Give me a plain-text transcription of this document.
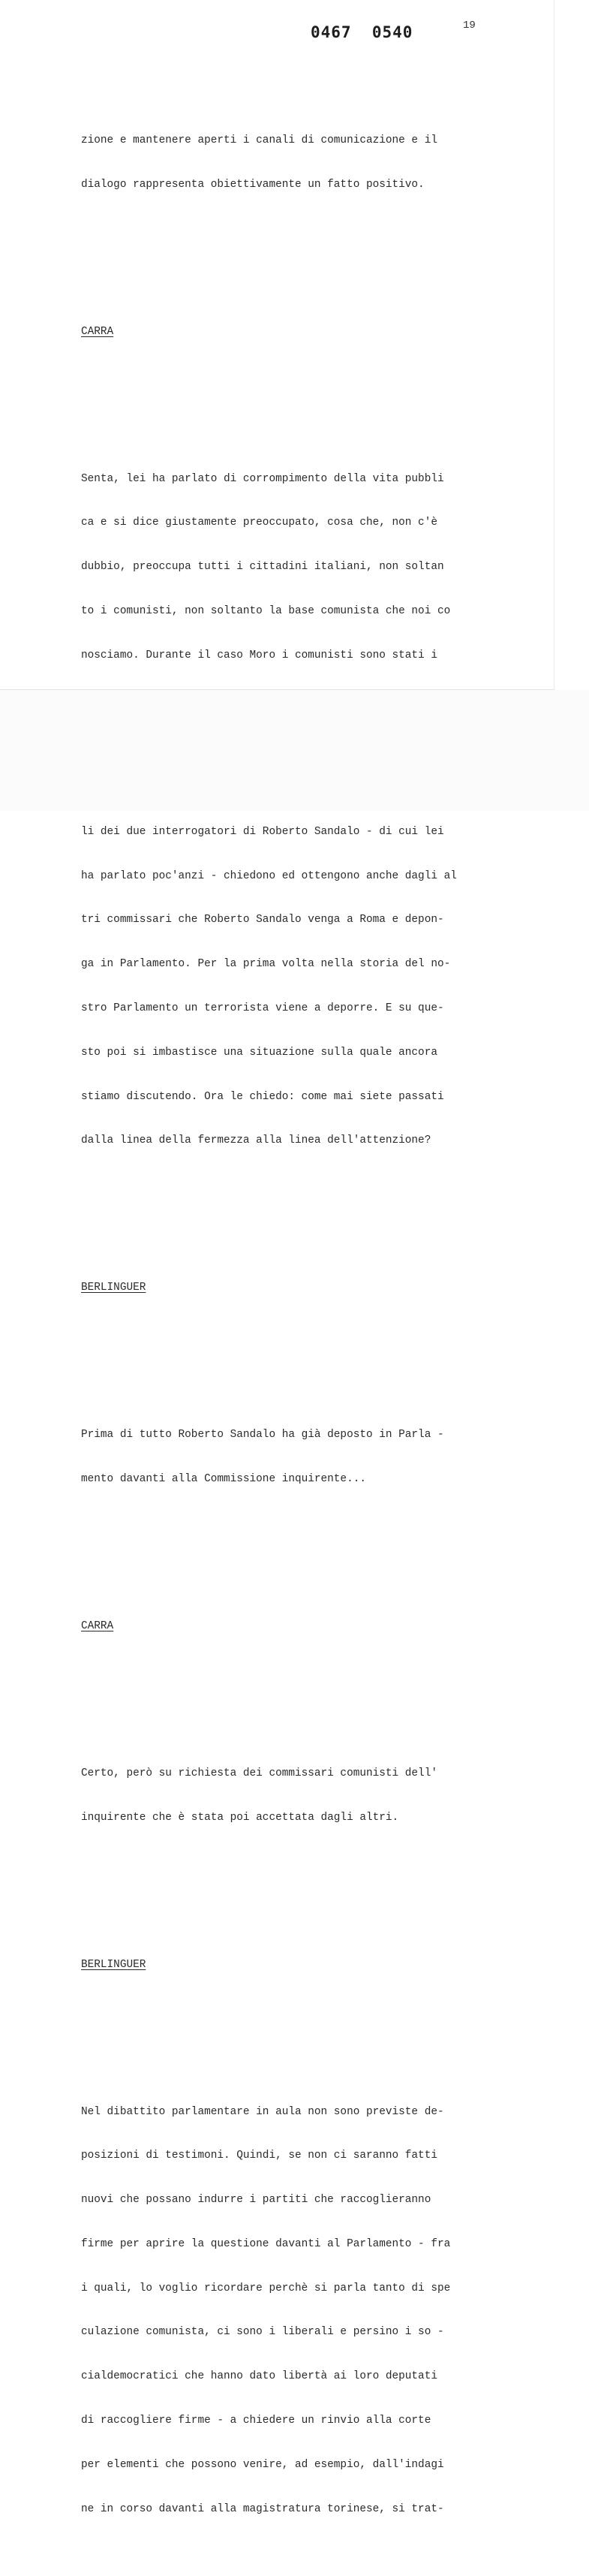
0467  0540	19

zione e mantenere aperti i canali di comunicazione e il

dialogo rappresenta obiettivamente un fatto positivo.

CARRA

Senta, lei ha parlato di corrompimento della vita pubbli

ca e si dice giustamente preoccupato, cosa che, non c'è

dubbio, preoccupa tutti i cittadini italiani, non soltan

to i comunisti, non soltanto la base comunista che noi co

nosciamo. Durante il caso Moro i comunisti sono stati i

li dei due interrogatori di Roberto Sandalo - di cui lei

ha parlato poc'anzi - chiedono ed ottengono anche dagli al

tri commissari che Roberto Sandalo venga a Roma e depon-

ga in Parlamento. Per la prima volta nella storia del no-

stro Parlamento un terrorista viene a deporre. E su que-

sto poi si imbastisce una situazione sulla quale ancora

stiamo discutendo. Ora le chiedo: come mai siete passati

dalla linea della fermezza alla linea dell'attenzione?

BERLINGUER

Prima di tutto Roberto Sandalo ha già deposto in Parla -

mento davanti alla Commissione inquirente...

CARRA

Certo, però su richiesta dei commissari comunisti dell'

inquirente che è stata poi accettata dagli altri.

BERLINGUER

Nel dibattito parlamentare in aula non sono previste de-

posizioni di testimoni. Quindi, se non ci saranno fatti

nuovi che possano indurre i partiti che raccoglieranno

firme per aprire la questione davanti al Parlamento - fra

i quali, lo voglio ricordare perchè si parla tanto di spe

culazione comunista, ci sono i liberali e persino i so -

cialdemocratici che hanno dato libertà ai loro deputati

di raccogliere firme - a chiedere un rinvio alla corte

per elementi che possono venire, ad esempio, dall'indagi

ne in corso davanti alla magistratura torinese, si trat-
